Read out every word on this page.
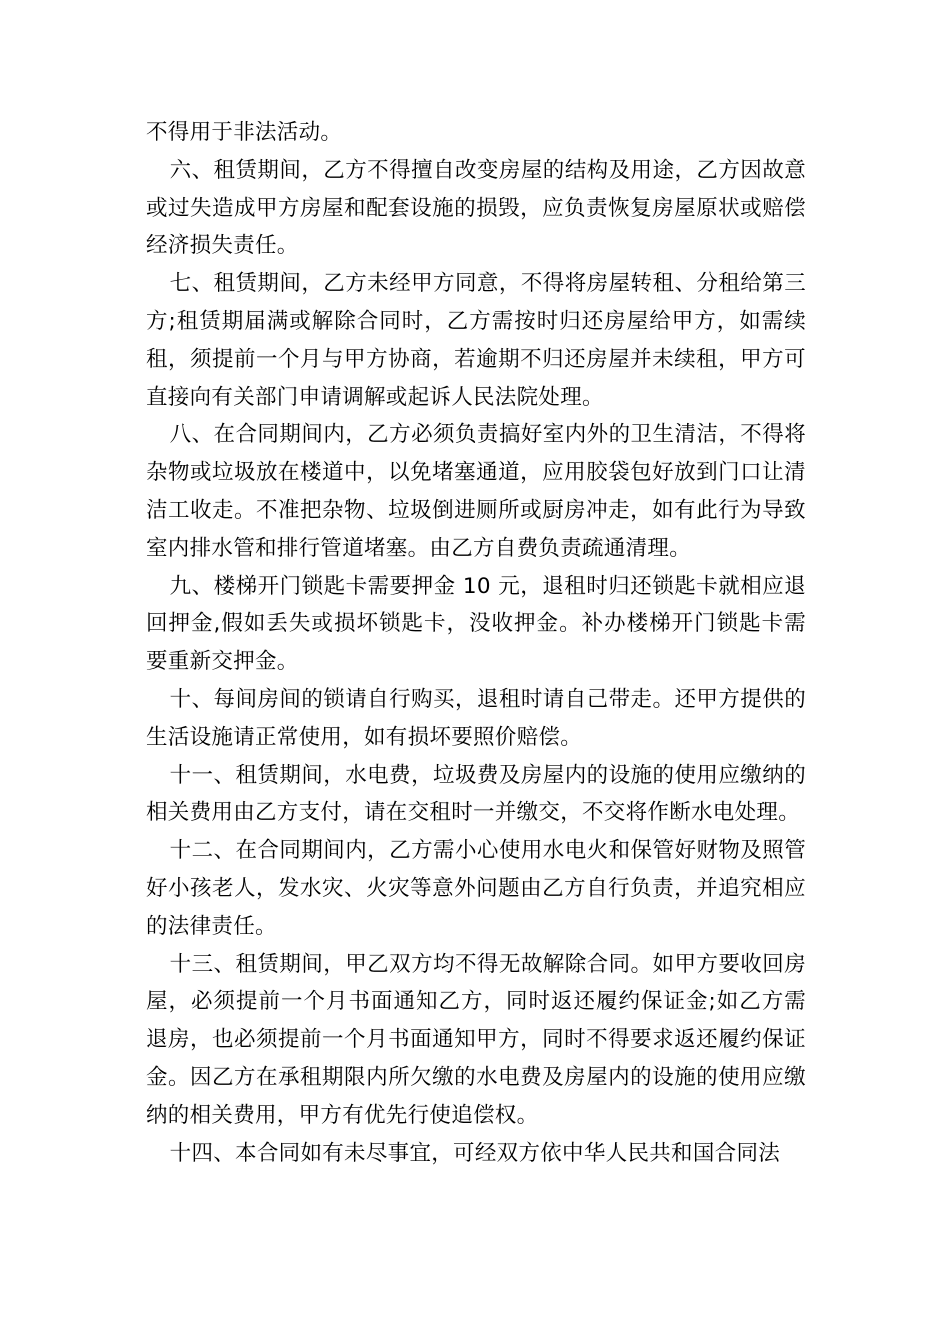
不得用于非法活动。

六、租赁期间，乙方不得擅自改变房屋的结构及用途，乙方因故意或过失造成甲方房屋和配套设施的损毁，应负责恢复房屋原状或赔偿经济损失责任。

七、租赁期间，乙方未经甲方同意，不得将房屋转租、分租给第三方;租赁期届满或解除合同时，乙方需按时归还房屋给甲方，如需续租，须提前一个月与甲方协商，若逾期不归还房屋并未续租，甲方可直接向有关部门申请调解或起诉人民法院处理。

八、在合同期间内，乙方必须负责搞好室内外的卫生清洁，不得将杂物或垃圾放在楼道中，以免堵塞通道，应用胶袋包好放到门口让清洁工收走。不准把杂物、垃圾倒进厕所或厨房冲走，如有此行为导致室内排水管和排行管道堵塞。由乙方自费负责疏通清理。

九、楼梯开门锁匙卡需要押金 10 元，退租时归还锁匙卡就相应退回押金,假如丢失或损坏锁匙卡，没收押金。补办楼梯开门锁匙卡需要重新交押金。

十、每间房间的锁请自行购买，退租时请自己带走。还甲方提供的生活设施请正常使用，如有损坏要照价赔偿。

十一、租赁期间，水电费，垃圾费及房屋内的设施的使用应缴纳的相关费用由乙方支付，请在交租时一并缴交，不交将作断水电处理。

十二、在合同期间内，乙方需小心使用水电火和保管好财物及照管好小孩老人，发水灾、火灾等意外问题由乙方自行负责，并追究相应的法律责任。

十三、租赁期间，甲乙双方均不得无故解除合同。如甲方要收回房屋，必须提前一个月书面通知乙方，同时返还履约保证金;如乙方需退房，也必须提前一个月书面通知甲方，同时不得要求返还履约保证金。因乙方在承租期限内所欠缴的水电费及房屋内的设施的使用应缴纳的相关费用，甲方有优先行使追偿权。

十四、本合同如有未尽事宜，可经双方依中华人民共和国合同法
